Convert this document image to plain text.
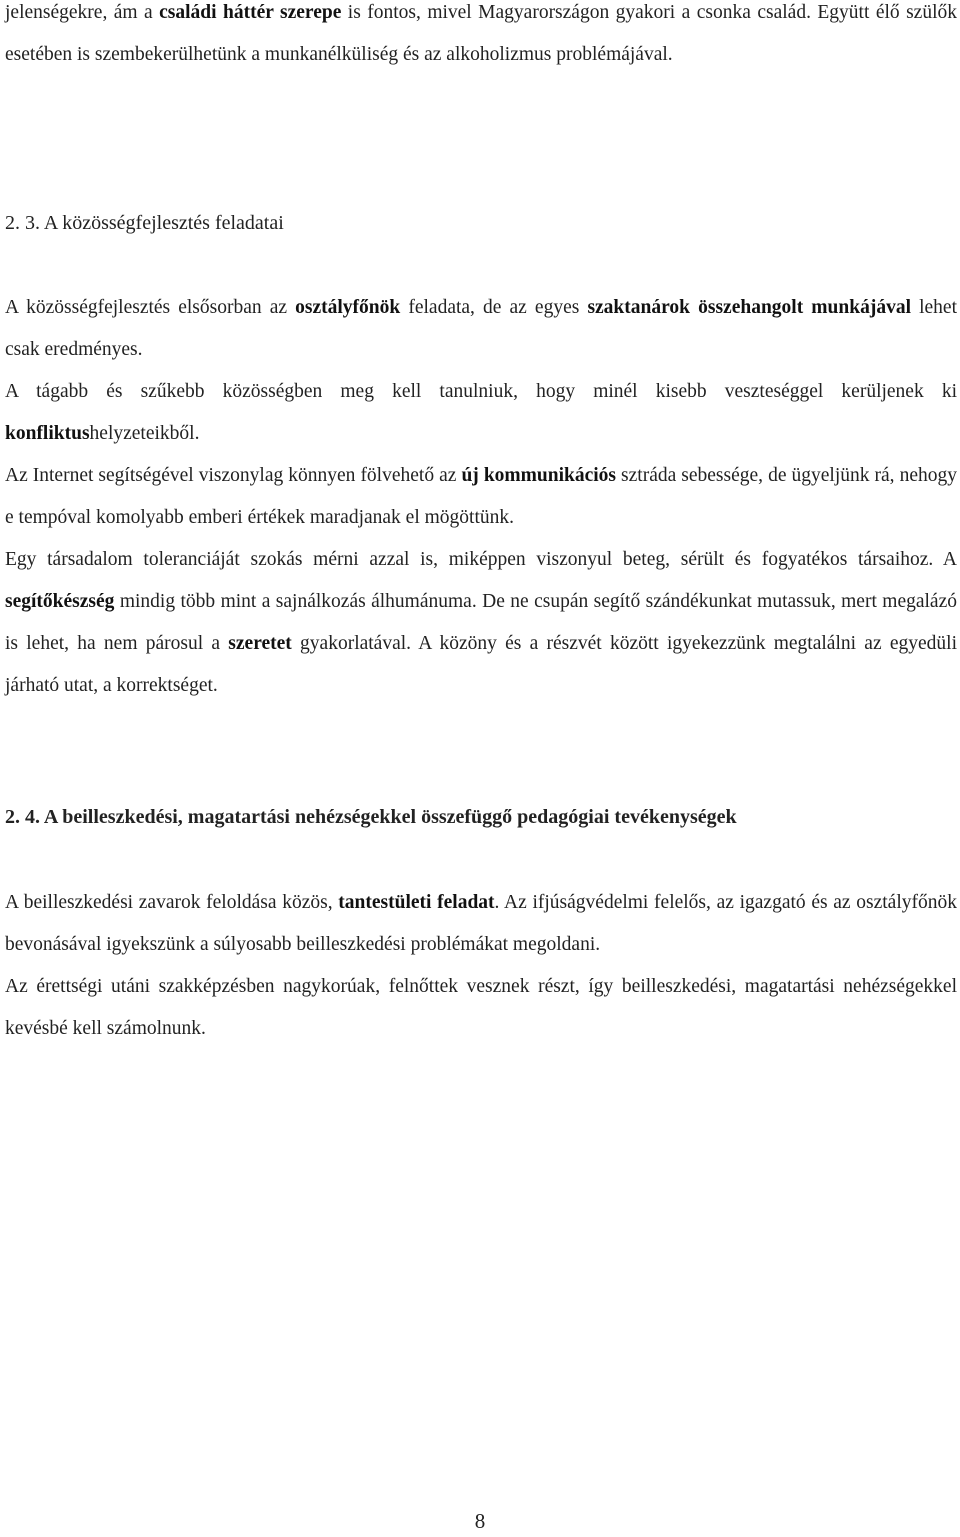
jelenségekre, ám a családi háttér szerepe is fontos, mivel Magyarországon gyakori a csonka család. Együtt élő szülők esetében is szembekerülhetünk a munkanélküliség és az alkoholizmus problémájával.

2. 3. A közösségfejlesztés feladatai

A közösségfejlesztés elsősorban az osztályfőnök feladata, de az egyes szaktanárok összehangolt munkájával lehet csak eredményes.

A tágabb és szűkebb közösségben meg kell tanulniuk, hogy minél kisebb veszteséggel kerüljenek ki konfliktushelyzeteikből.

Az Internet segítségével viszonylag könnyen fölvehető az új kommunikációs sztráda sebessége, de ügyeljünk rá, nehogy e tempóval komolyabb emberi értékek maradjanak el mögöttünk.

Egy társadalom toleranciáját szokás mérni azzal is, miképpen viszonyul beteg, sérült és fogyatékos társaihoz. A segítőkészség mindig több mint a sajnálkozás álhumánuma. De ne csupán segítő szándékunkat mutassuk, mert megalázó is lehet, ha nem párosul a szeretet gyakorlatával. A közöny és a részvét között igyekezzünk megtalálni az egyedüli járható utat, a korrektséget.

2. 4. A beilleszkedési, magatartási nehézségekkel összefüggő pedagógiai tevékenységek

A beilleszkedési zavarok feloldása közös, tantestületi feladat. Az ifjúságvédelmi felelős, az igazgató és az osztályfőnök bevonásával igyekszünk a súlyosabb beilleszkedési problémákat megoldani.

Az érettségi utáni szakképzésben nagykorúak, felnőttek vesznek részt, így beilleszkedési, magatartási nehézségekkel kevésbé kell számolnunk.

8
